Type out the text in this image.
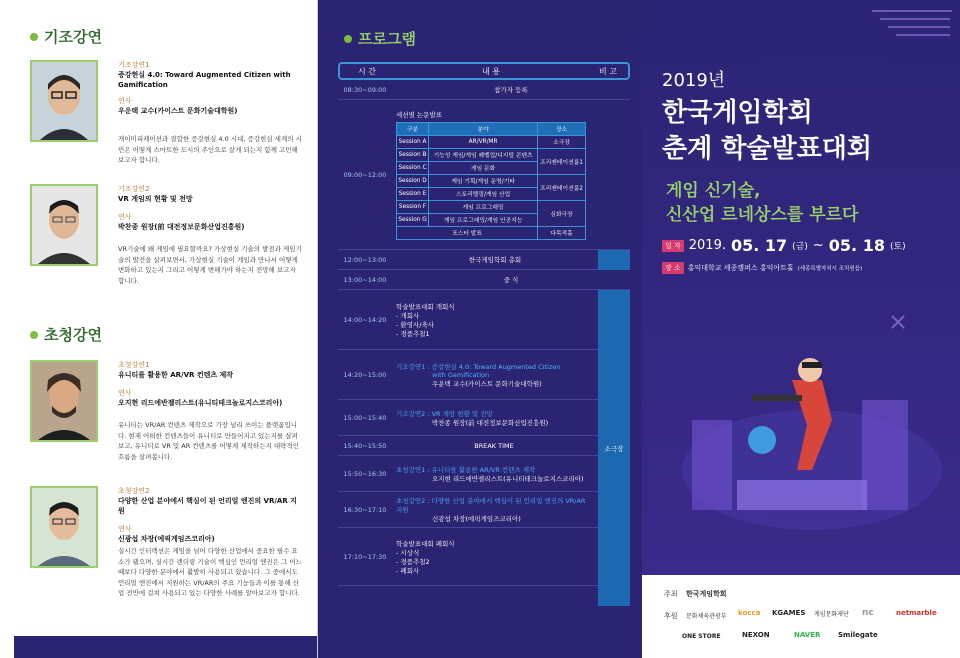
기조강연
기조강연1
증강현실 4.0: Toward Augmented Citizen with Gamification
연사
우운택 교수(카이스트 문화기술대학원)
게이미피케이션과 결합한 증강현실 4.0 시대, 증강현실 세계의 시민은 어떻게 스마트한 도시의 주인으로 살게 되는지 함께 고민해보고자 합니다.
기조강연2
VR 게임의 현황 및 전망
연사
박찬종 원장(前 대전정보문화산업진흥원)
VR기술에 왜 게임에 필요할까요? 가상현실 기술의 발전과 게임기술의 발전을 살펴보면서, 가상현실 기술이 게임과 만나서 어떻게 변화하고 있는지 그리고 어떻게 변해가야 하는지 전망해 보고자 합니다.
초청강연
초청강연1
유니티를 활용한 AR/VR 컨텐츠 제작
연사
오지현 리드에반젤리스트(유니티테크놀로지스코리아)
유니티는 VR/AR 컨텐츠 제작으로 가장 널리 쓰이는 플랫폼입니다. 현재 어떠한 컨텐츠들이 유니티로 만들어지고 있는지를 살펴보고, 유니티로 VR 및 AR 컨텐츠를 어떻게 제작하는지 대략적인 흐름을 살펴봅니다.
초청강연2
다양한 산업 분야에서 핵심이 된 언리얼 엔진의 VR/AR 지원
연사
신광섭 차장(에픽게임즈코리아)
실시간 인터랙션은 게임을 넘어 다양한 산업에서 중요한 필수 요소가 됐으며, 실시간 렌더링 기술이 핵심인 언리얼 엔진은 그 어느 때보다 다양한 분야에서 활발히 사용되고 있습니다. 그 중에서도 언리얼 엔진에서 지원하는 VR/AR의 주요 기능들과 이를 통해 산업 전반에 걸쳐 사용되고 있는 다양한 사례를 알아보고자 합니다.
프로그램
시 간	내 용	비 고
08:30~09:00	참가자 등록
09:00~12:00
세션별 논문발표
구분	분야	장소
Session A	AR/VR/MR	소극장
Session B	기능성 게임/게임 퀘벨업/디지털 콘텐츠	프리젠테이션룸1
Session C	게임 문화	
Session D	게임 기획/게임 운영/기타	프리젠테이션룸2
Session E	스토리텔링/게임 산업	
Session F	게임 프로그래밍	심화극장
Session G	게임 프로그래밍/게임 인공지능	
포스터 발표		다목적홀
12:00~13:00	한국게임학회 총회
13:00~14:00	중 식
14:00~14:20
학술발표대회 개회식
- 개회사
- 환영사/축사
- 경품추첨1
14:20~15:00
기조강연1 : 증강현실 4.0: Toward Augmented Citizen
with Gamification
우운택 교수(카이스트 문화기술대학원)
15:00~15:40	기조강연2 : VR 게임 현황 및 전망
박찬종 원장(前 대전정보문화산업진흥원)
15:40~15:50	BREAK TIME
15:50~16:30	초청강연1 : 유니티를 활용한 AR/VR 컨텐츠 제작
오지현 리드에반젤리스트(유니티테크놀로지스코리아)
16:30~17:10
초청강연2 : 다양한 산업 분야에서 핵심이 된 언리얼 엔진의 VR/AR 지원
신광섭 차장(에픽게임즈코리아)
17:10~17:30
학술발표대회 폐회식
- 시상식
- 경품추첨2
- 폐회사
소극장
2019년
한국게임학회
춘계 학술발표대회
게임 신기술,
신산업 르네상스를 부르다
일 자 2019. 05. 17 (금) ~ 05. 18 (토)
장 소	홍익대학교 세종캠퍼스 홍익아트홀 (세종특별자치시 조치원읍)
주최 한국게임학회
후원 문화체육관광부 kocca KGAMES 게임문화재단 nc	netmarble
ONE STORE	NEXON	NAVER	Smilegate
